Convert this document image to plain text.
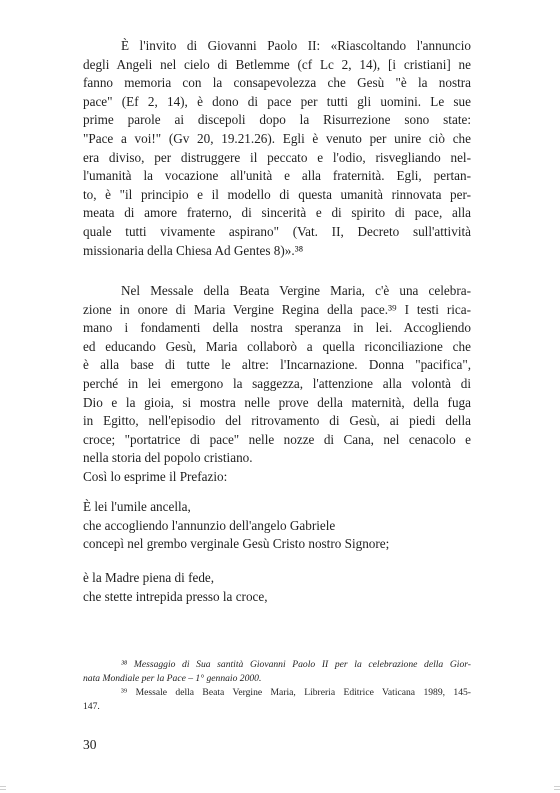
È l'invito di Giovanni Paolo II: «Riascoltando l'annuncio
degli Angeli nel cielo di Betlemme (cf Lc 2, 14), [i cristiani] ne
fanno memoria con la consapevolezza che Gesù "è la nostra
pace" (Ef 2, 14), è dono di pace per tutti gli uomini. Le sue
prime parole ai discepoli dopo la Risurrezione sono state:
"Pace a voi!" (Gv 20, 19.21.26). Egli è venuto per unire ciò che
era diviso, per distruggere il peccato e l'odio, risvegliando nel-
l'umanità la vocazione all'unità e alla fraternità. Egli, pertan-
to, è "il principio e il modello di questa umanità rinnovata per-
meata di amore fraterno, di sincerità e di spirito di pace, alla
quale tutti vivamente aspirano" (Vat. II, Decreto sull'attività
missionaria della Chiesa Ad Gentes 8)».³⁸

Nel Messale della Beata Vergine Maria, c'è una celebra-
zione in onore di Maria Vergine Regina della pace.³⁹ I testi rica-
mano i fondamenti della nostra speranza in lei. Accogliendo
ed educando Gesù, Maria collaborò a quella riconciliazione che
è alla base di tutte le altre: l'Incarnazione. Donna "pacifica",
perché in lei emergono la saggezza, l'attenzione alla volontà di
Dio e la gioia, si mostra nelle prove della maternità, della fuga
in Egitto, nell'episodio del ritrovamento di Gesù, ai piedi della
croce; "portatrice di pace" nelle nozze di Cana, nel cenacolo e
nella storia del popolo cristiano.

Così lo esprime il Prefazio:

È lei l'umile ancella,
che accogliendo l'annunzio dell'angelo Gabriele
concepì nel grembo verginale Gesù Cristo nostro Signore;

è la Madre piena di fede,
che stette intrepida presso la croce,

³⁸ Messaggio di Sua santità Giovanni Paolo II per la celebrazione della Gior-
nata Mondiale per la Pace – 1° gennaio 2000.

³⁹ Messale della Beata Vergine Maria, Libreria Editrice Vaticana 1989, 145-
147.

30
